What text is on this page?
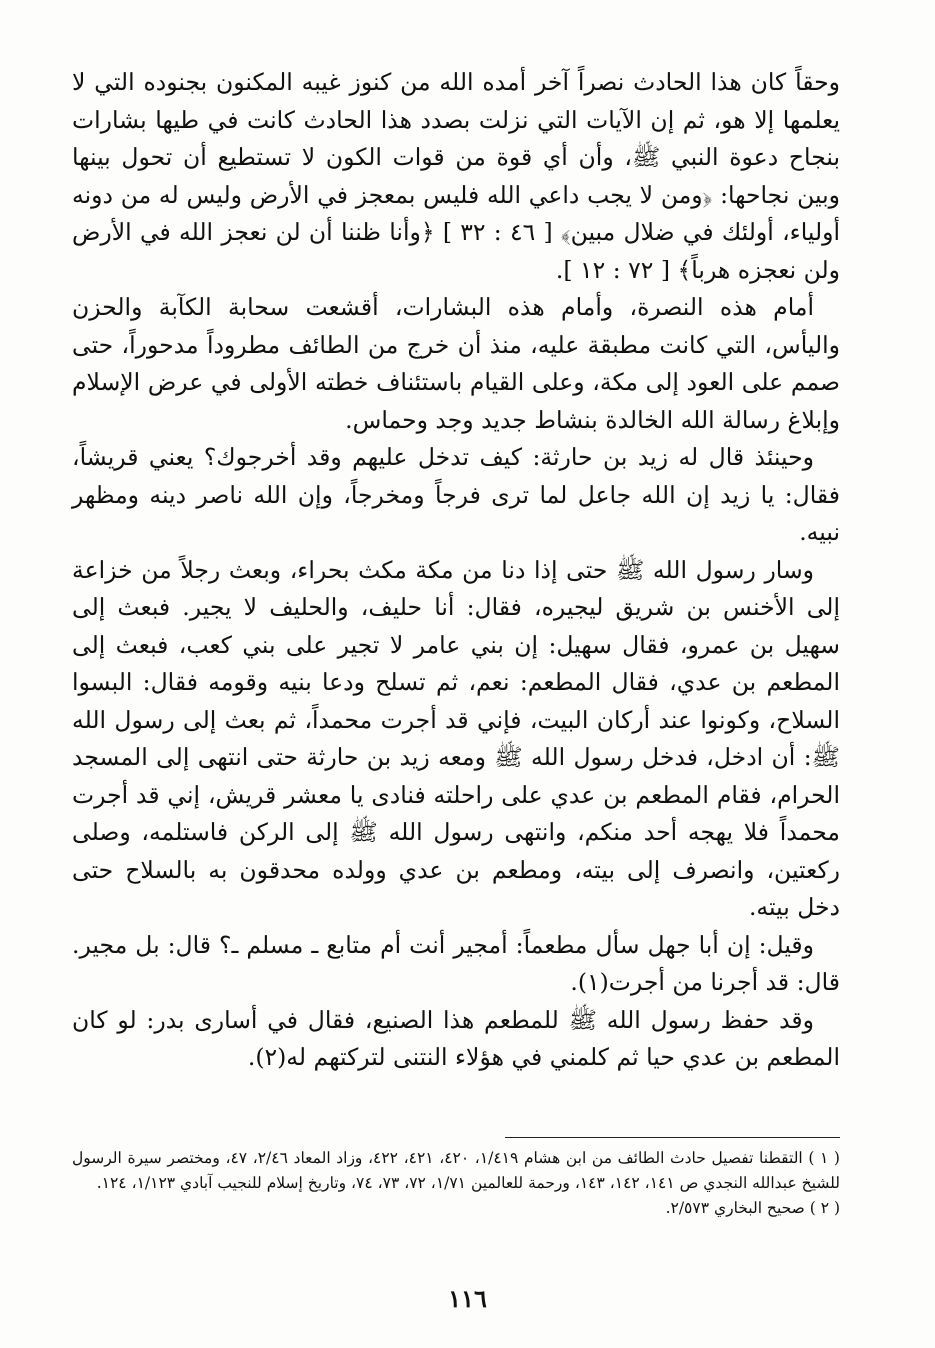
وحقاً كان هذا الحادث نصراً آخر أمده الله من كنوز غيبه المكنون بجنوده التي لا يعلمها إلا هو، ثم إن الآيات التي نزلت بصدد هذا الحادث كانت في طيها بشارات بنجاح دعوة النبي ﷺ، وأن أي قوة من قوات الكون لا تستطيع أن تحول بينها وبين نجاحها: ﴿ومن لا يجب داعي الله فليس بمعجز في الأرض وليس له من دونه أولياء، أولئك في ضلال مبين﴾ [ ٤٦ : ٣٢ ] ﴿وأنا ظننا أن لن نعجز الله في الأرض ولن نعجزه هرباً﴾ [ ٧٢ : ١٢ ].

أمام هذه النصرة، وأمام هذه البشارات، أقشعت سحابة الكآبة والحزن واليأس، التي كانت مطبقة عليه، منذ أن خرج من الطائف مطروداً مدحوراً، حتى صمم على العود إلى مكة، وعلى القيام باستئناف خطته الأولى في عرض الإسلام وإبلاغ رسالة الله الخالدة بنشاط جديد وجد وحماس.

وحينئذ قال له زيد بن حارثة: كيف تدخل عليهم وقد أخرجوك؟ يعني قريشاً، فقال: يا زيد إن الله جاعل لما ترى فرجاً ومخرجاً، وإن الله ناصر دينه ومظهر نبيه.

وسار رسول الله ﷺ حتى إذا دنا من مكة مكث بحراء، وبعث رجلاً من خزاعة إلى الأخنس بن شريق ليجيره، فقال: أنا حليف، والحليف لا يجير. فبعث إلى سهيل بن عمرو، فقال سهيل: إن بني عامر لا تجير على بني كعب، فبعث إلى المطعم بن عدي، فقال المطعم: نعم، ثم تسلح ودعا بنيه وقومه فقال: البسوا السلاح، وكونوا عند أركان البيت، فإني قد أجرت محمداً، ثم بعث إلى رسول الله ﷺ: أن ادخل، فدخل رسول الله ﷺ ومعه زيد بن حارثة حتى انتهى إلى المسجد الحرام، فقام المطعم بن عدي على راحلته فنادى يا معشر قريش، إني قد أجرت محمداً فلا يهجه أحد منكم، وانتهى رسول الله ﷺ إلى الركن فاستلمه، وصلى ركعتين، وانصرف إلى بيته، ومطعم بن عدي وولده محدقون به بالسلاح حتى دخل بيته.

وقيل: إن أبا جهل سأل مطعماً: أمجير أنت أم متابع ـ مسلم ـ؟ قال: بل مجير. قال: قد أجرنا من أجرت(١).

وقد حفظ رسول الله ﷺ للمطعم هذا الصنيع، فقال في أسارى بدر: لو كان المطعم بن عدي حيا ثم كلمني في هؤلاء النتنى لتركتهم له(٢).

( ١ ) التقطنا تفصيل حادث الطائف من ابن هشام ١/٤١٩، ٤٢٠، ٤٢١، ٤٢٢، وزاد المعاد ٢/٤٦، ٤٧، ومختصر سيرة الرسول للشيخ عبدالله النجدي ص ١٤١، ١٤٢، ١٤٣، ورحمة للعالمين ١/٧١، ٧٢، ٧٣، ٧٤، وتاريخ إسلام للنجيب آبادي ١/١٢٣، ١٢٤.

( ٢ ) صحيح البخاري ٢/٥٧٣.

١١٦
